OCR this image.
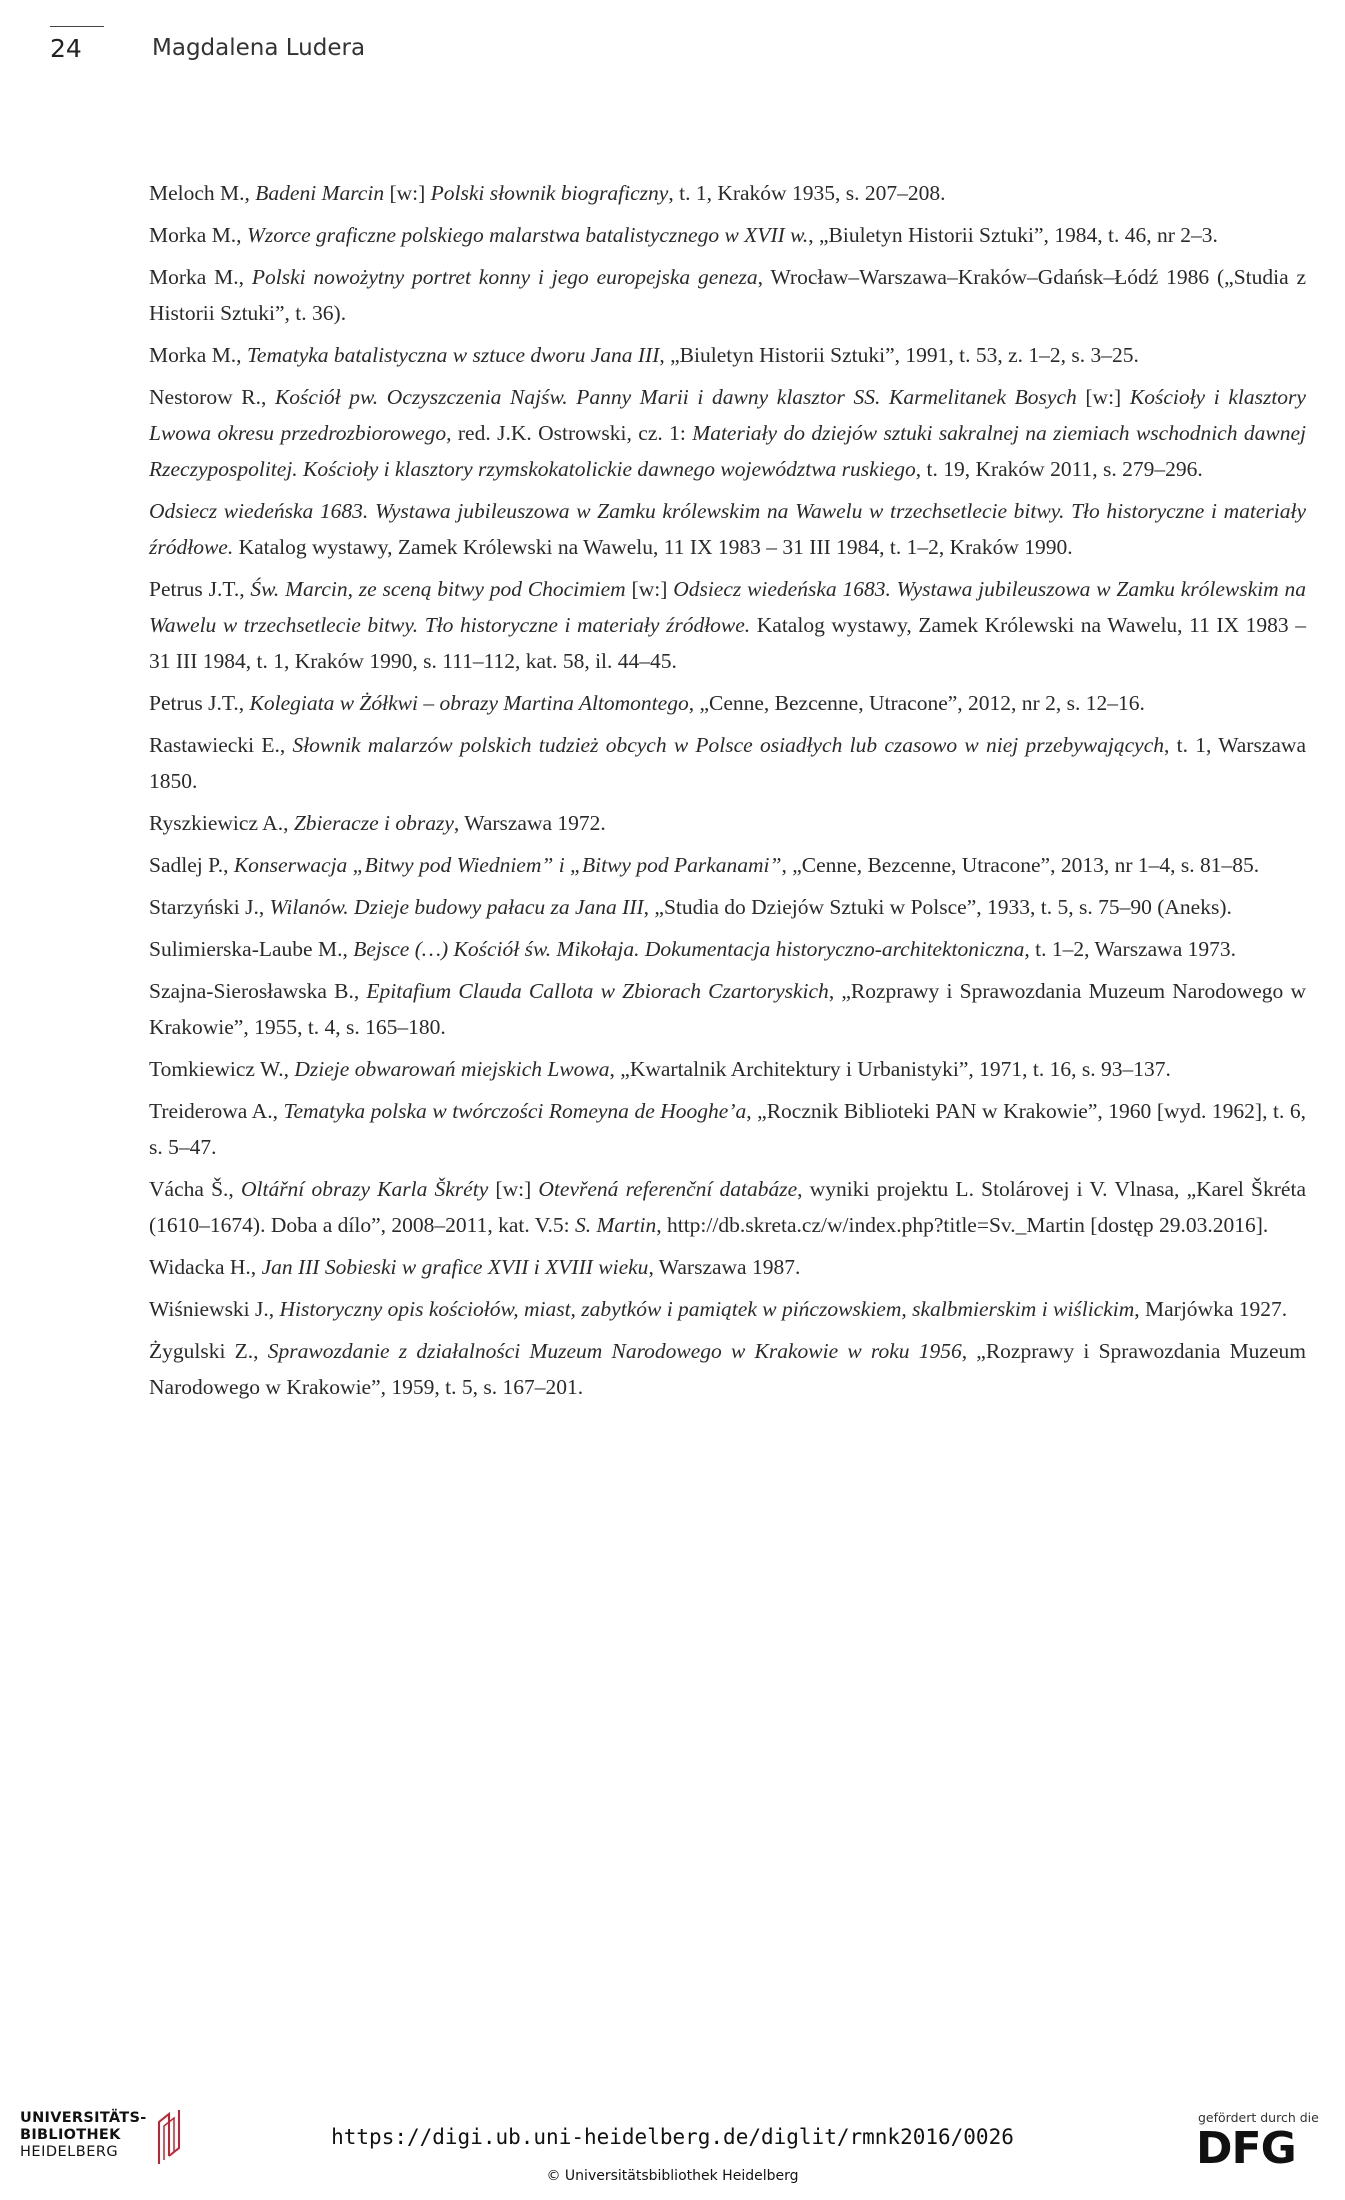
24	Magdalena Ludera
Meloch M., Badeni Marcin [w:] Polski słownik biograficzny, t. 1, Kraków 1935, s. 207–208.
Morka M., Wzorce graficzne polskiego malarstwa batalistycznego w XVII w., „Biuletyn Historii Sztuki”, 1984, t. 46, nr 2–3.
Morka M., Polski nowożytny portret konny i jego europejska geneza, Wrocław–Warszawa–Kraków–Gdańsk–Łódź 1986 („Studia z Historii Sztuki”, t. 36).
Morka M., Tematyka batalistyczna w sztuce dworu Jana III, „Biuletyn Historii Sztuki”, 1991, t. 53, z. 1–2, s. 3–25.
Nestorow R., Kościół pw. Oczyszczenia Najśw. Panny Marii i dawny klasztor SS. Karmelitanek Bosych [w:] Kościoły i klasztory Lwowa okresu przedrozbiorowego, red. J.K. Ostrowski, cz. 1: Materiały do dziejów sztuki sakralnej na ziemiach wschodnich dawnej Rzeczypospolitej. Kościoły i klasztory rzymskokatolickie dawnego województwa ruskiego, t. 19, Kraków 2011, s. 279–296.
Odsiecz wiedeńska 1683. Wystawa jubileuszowa w Zamku królewskim na Wawelu w trzechsetlecie bitwy. Tło historyczne i materiały źródłowe. Katalog wystawy, Zamek Królewski na Wawelu, 11 IX 1983 – 31 III 1984, t. 1–2, Kraków 1990.
Petrus J.T., Św. Marcin, ze sceną bitwy pod Chocimiem [w:] Odsiecz wiedeńska 1683. Wystawa jubileuszowa w Zamku królewskim na Wawelu w trzechsetlecie bitwy. Tło historyczne i materiały źródłowe. Katalog wystawy, Zamek Królewski na Wawelu, 11 IX 1983 – 31 III 1984, t. 1, Kraków 1990, s. 111–112, kat. 58, il. 44–45.
Petrus J.T., Kolegiata w Żółkwi – obrazy Martina Altomontego, „Cenne, Bezcenne, Utracone”, 2012, nr 2, s. 12–16.
Rastawiecki E., Słownik malarzów polskich tudzież obcych w Polsce osiadłych lub czasowo w niej przebywających, t. 1, Warszawa 1850.
Ryszkiewicz A., Zbieracze i obrazy, Warszawa 1972.
Sadlej P., Konserwacja „Bitwy pod Wiedniem” i „Bitwy pod Parkanami”, „Cenne, Bezcenne, Utracone”, 2013, nr 1–4, s. 81–85.
Starzyński J., Wilanów. Dzieje budowy pałacu za Jana III, „Studia do Dziejów Sztuki w Polsce”, 1933, t. 5, s. 75–90 (Aneks).
Sulimierska-Laube M., Bejsce (…) Kościół św. Mikołaja. Dokumentacja historyczno-architektoniczna, t. 1–2, Warszawa 1973.
Szajna-Sierosławska B., Epitafium Clauda Callota w Zbiorach Czartoryskich, „Rozprawy i Sprawozdania Muzeum Narodowego w Krakowie”, 1955, t. 4, s. 165–180.
Tomkiewicz W., Dzieje obwarowań miejskich Lwowa, „Kwartalnik Architektury i Urbanistyki”, 1971, t. 16, s. 93–137.
Treiderowa A., Tematyka polska w twórczości Romeyna de Hooghe’a, „Rocznik Biblioteki PAN w Krakowie”, 1960 [wyd. 1962], t. 6, s. 5–47.
Vácha Š., Oltářní obrazy Karla Škréty [w:] Otevřená referenční databáze, wyniki projektu L. Stolárovej i V. Vlnasa, „Karel Škréta (1610–1674). Doba a dílo”, 2008–2011, kat. V.5: S. Martin, http://db.skreta.cz/w/index.php?title=Sv._Martin [dostęp 29.03.2016].
Widacka H., Jan III Sobieski w grafice XVII i XVIII wieku, Warszawa 1987.
Wiśniewski J., Historyczny opis kościołów, miast, zabytków i pamiątek w pińczowskiem, skalbmierskim i wiślickim, Marjówka 1927.
Żygulski Z., Sprawozdanie z działalności Muzeum Narodowego w Krakowie w roku 1956, „Rozprawy i Sprawozdania Muzeum Narodowego w Krakowie”, 1959, t. 5, s. 167–201.
UNIVERSITÄTS-
BIBLIOTHEK
HEIDELBERG
https://digi.ub.uni-heidelberg.de/diglit/rmnk2016/0026
© Universitätsbibliothek Heidelberg
gefördert durch die
DFG
